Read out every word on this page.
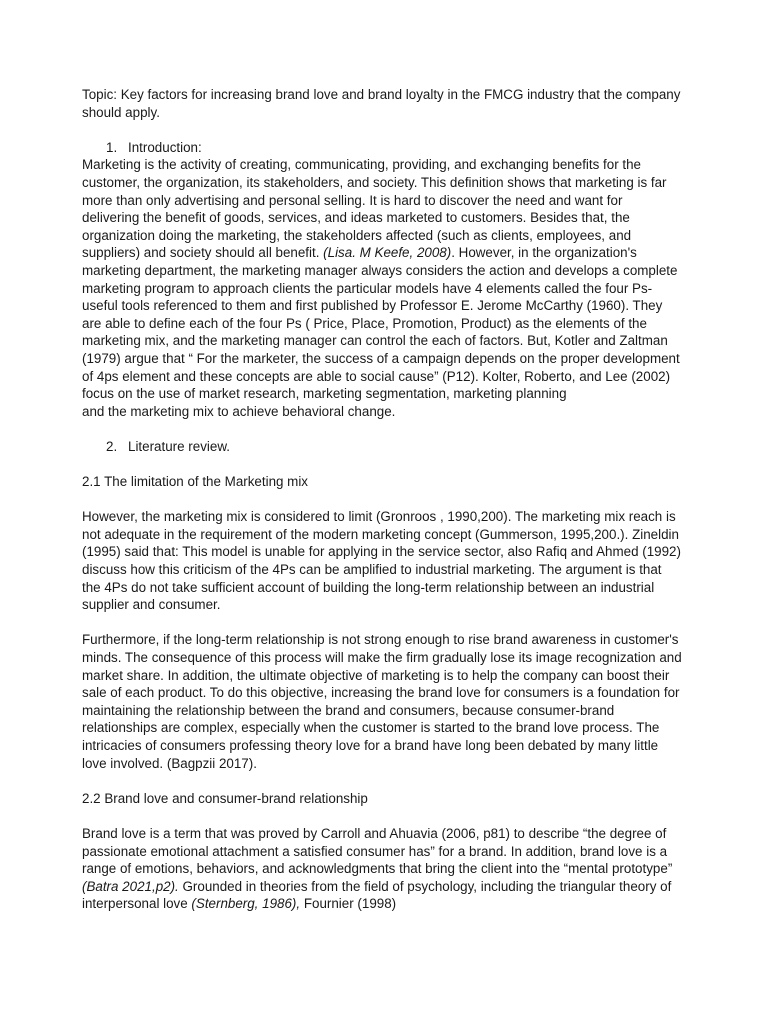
Topic: Key factors for increasing brand love and brand loyalty in the FMCG industry that the company should apply.

1. Introduction:

Marketing is the activity of creating, communicating, providing, and exchanging benefits for the customer, the organization, its stakeholders, and society. This definition shows that marketing is far more than only advertising and personal selling. It is hard to discover the need and want for delivering the benefit of goods, services, and ideas marketed to customers. Besides that, the organization doing the marketing, the stakeholders affected (such as clients, employees, and suppliers) and society should all benefit. (Lisa. M Keefe, 2008). However, in the organization's marketing department, the marketing manager always considers the action and develops a complete marketing program to approach clients the particular models have 4 elements called the four Ps- useful tools referenced to them and first published by Professor E. Jerome McCarthy (1960). They are able to define each of the four Ps ( Price, Place, Promotion, Product) as the elements of the marketing mix, and the marketing manager can control the each of factors. But, Kotler and Zaltman (1979) argue that “ For the marketer, the success of a campaign depends on the proper development of 4ps element and these concepts are able to social cause” (P12). Kolter, Roberto, and Lee (2002) focus on the use of market research, marketing segmentation, marketing planning

and the marketing mix to achieve behavioral change.

2. Literature review.

2.1 The limitation of the Marketing mix

However, the marketing mix is considered to limit (Gronroos , 1990,200). The marketing mix reach is not adequate in the requirement of the modern marketing concept (Gummerson, 1995,200.). Zineldin (1995) said that: This model is unable for applying in the service sector, also Rafiq and Ahmed (1992) discuss how this criticism of the 4Ps can be amplified to industrial marketing. The argument is that the 4Ps do not take sufficient account of building the long-term relationship between an industrial supplier and consumer.

Furthermore, if the long-term relationship is not strong enough to rise brand awareness in customer's minds. The consequence of this process will make the firm gradually lose its image recognization and market share. In addition, the ultimate objective of marketing is to help the company can boost their sale of each product. To do this objective, increasing the brand love for consumers is a foundation for maintaining the relationship between the brand and consumers, because consumer-brand relationships are complex, especially when the customer is started to the brand love process. The intricacies of consumers professing theory love for a brand have long been debated by many little love involved. (Bagpzii 2017).

2.2 Brand love and consumer-brand relationship

Brand love is a term that was proved by Carroll and Ahuavia (2006, p81) to describe “the degree of passionate emotional attachment a satisfied consumer has” for a brand. In addition, brand love is a range of emotions, behaviors, and acknowledgments that bring the client into the “mental prototype” (Batra 2021,p2). Grounded in theories from the field of psychology, including the triangular theory of interpersonal love (Sternberg, 1986), Fournier (1998)
